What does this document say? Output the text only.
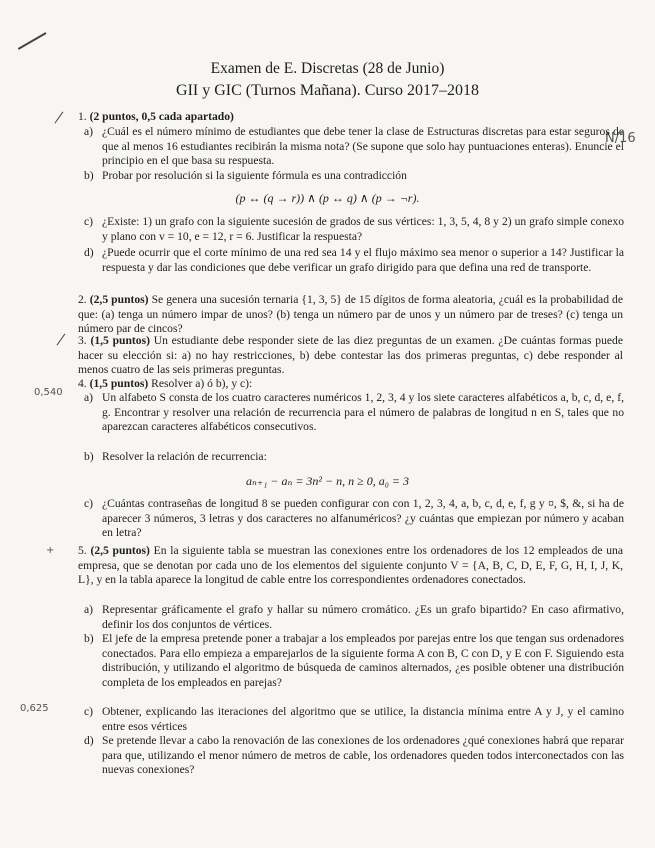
N/16
0,540
0,625
+
Examen de E. Discretas (28 de Junio)
GII y GIC (Turnos Mañana). Curso 2017–2018
1. (2 puntos, 0,5 cada apartado)
a) ¿Cuál es el número mínimo de estudiantes que debe tener la clase de Estructuras discretas para estar seguros de que al menos 16 estudiantes recibirán la misma nota? (Se supone que solo hay puntuaciones enteras). Enuncie el principio en el que basa su respuesta.
b) Probar por resolución si la siguiente fórmula es una contradicción
(p ↔ (q → r)) ∧ (p ↔ q) ∧ (p → ¬r).
c) ¿Existe: 1) un grafo con la siguiente sucesión de grados de sus vértices: 1, 3, 5, 4, 8 y 2) un grafo simple conexo y plano con v = 10, e = 12, r = 6. Justificar la respuesta?
d) ¿Puede ocurrir que el corte mínimo de una red sea 14 y el flujo máximo sea menor o superior a 14? Justificar la respuesta y dar las condiciones que debe verificar un grafo dirigido para que defina una red de transporte.
2. (2,5 puntos) Se genera una sucesión ternaria {1, 3, 5} de 15 dígitos de forma aleatoria, ¿cuál es la probabilidad de que: (a) tenga un número impar de unos? (b) tenga un número par de unos y un número par de treses? (c) tenga un número par de cincos?
3. (1,5 puntos) Un estudiante debe responder siete de las diez preguntas de un examen. ¿De cuántas formas puede hacer su elección si: a) no hay restricciones, b) debe contestar las dos primeras preguntas, c) debe responder al menos cuatro de las seis primeras preguntas.
4. (1,5 puntos) Resolver a) ó b), y c):
a) Un alfabeto S consta de los cuatro caracteres numéricos 1, 2, 3, 4 y los siete caracteres alfabéticos a, b, c, d, e, f, g. Encontrar y resolver una relación de recurrencia para el número de palabras de longitud n en S, tales que no aparezcan caracteres alfabéticos consecutivos.
b) Resolver la relación de recurrencia:
aₙ₊₁ − aₙ = 3n² − n, n ≥ 0, a₀ = 3
c) ¿Cuántas contraseñas de longitud 8 se pueden configurar con con 1, 2, 3, 4, a, b, c, d, e, f, g y ¤, $, &, si ha de aparecer 3 números, 3 letras y dos caracteres no alfanuméricos? ¿y cuántas que empiezan por número y acaban en letra?
5. (2,5 puntos) En la siguiente tabla se muestran las conexiones entre los ordenadores de los 12 empleados de una empresa, que se denotan por cada uno de los elementos del siguiente conjunto V = {A, B, C, D, E, F, G, H, I, J, K, L}, y en la tabla aparece la longitud de cable entre los correspondientes ordenadores conectados.
a) Representar gráficamente el grafo y hallar su número cromático. ¿Es un grafo bipartido? En caso afirmativo, definir los dos conjuntos de vértices.
b) El jefe de la empresa pretende poner a trabajar a los empleados por parejas entre los que tengan sus ordenadores conectados. Para ello empieza a emparejarlos de la siguiente forma A con B, C con D, y E con F. Siguiendo esta distribución, y utilizando el algoritmo de búsqueda de caminos alternados, ¿es posible obtener una distribución completa de los empleados en parejas?
c) Obtener, explicando las iteraciones del algoritmo que se utilice, la distancia mínima entre A y J, y el camino entre esos vértices
d) Se pretende llevar a cabo la renovación de las conexiones de los ordenadores ¿qué conexiones habrá que reparar para que, utilizando el menor número de metros de cable, los ordenadores queden todos interconectados con las nuevas conexiones?
